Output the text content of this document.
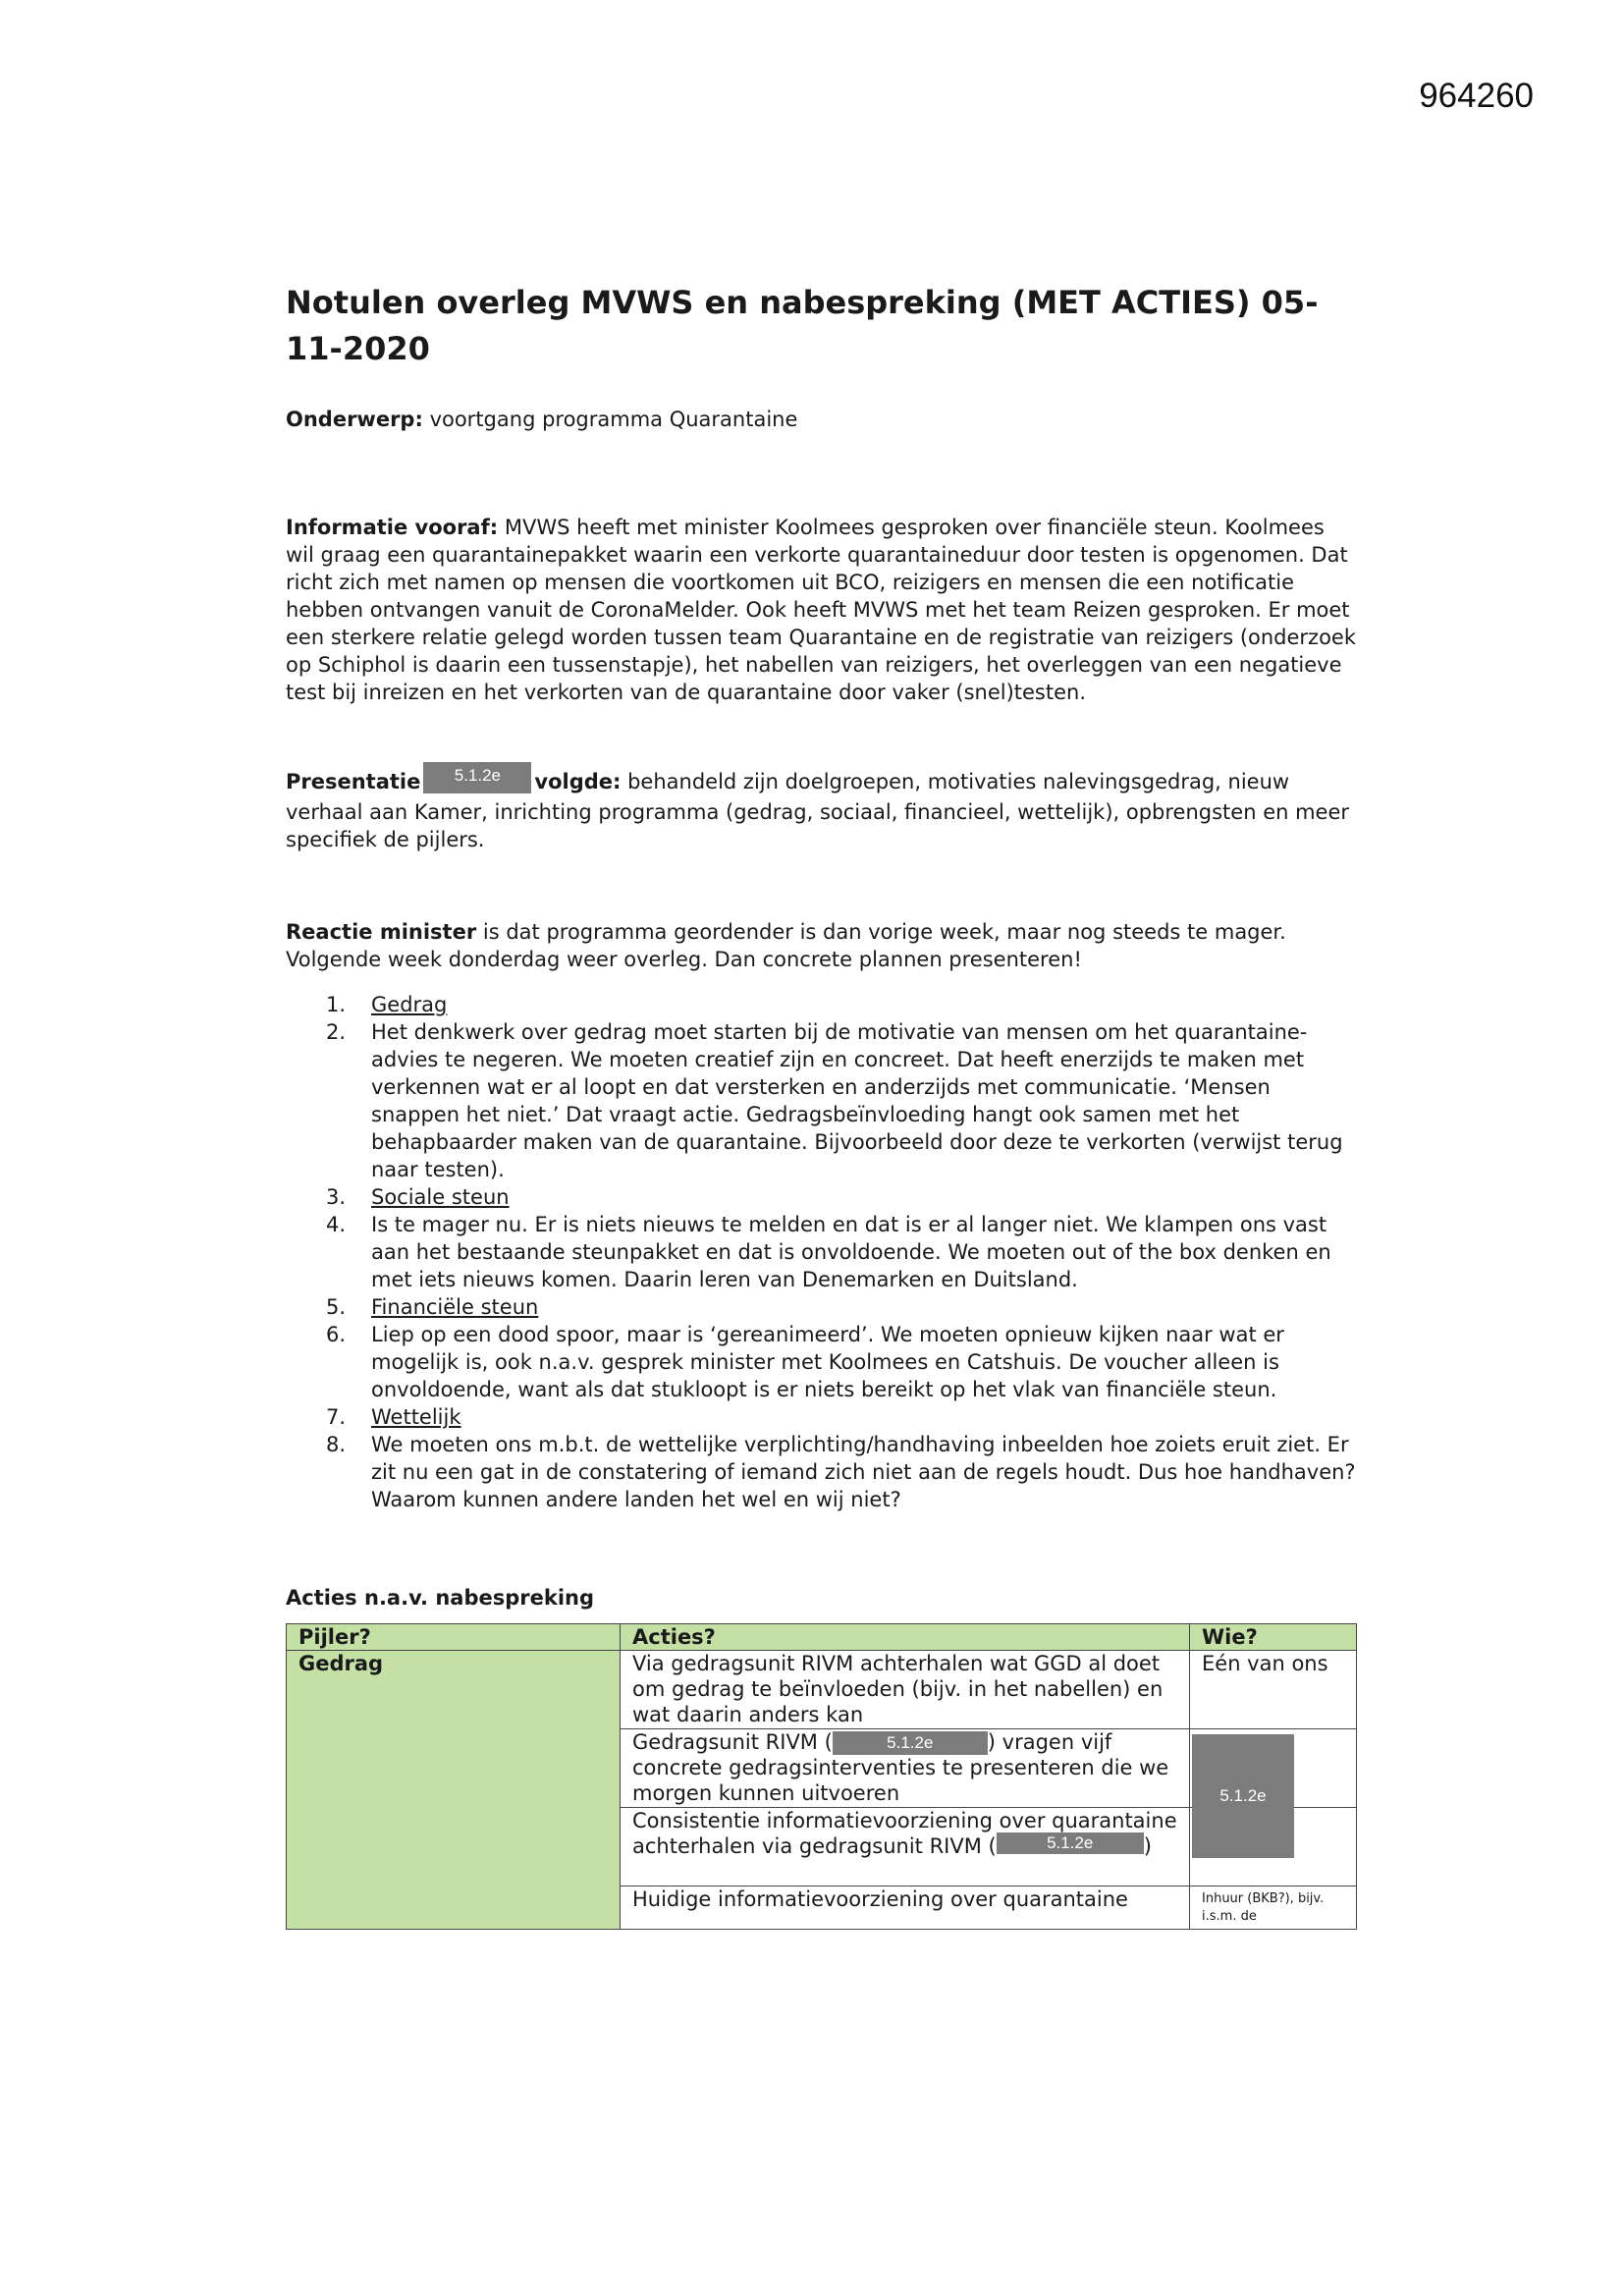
964260
Notulen overleg MVWS en nabespreking (MET ACTIES) 05-11-2020

Onderwerp: voortgang programma Quarantaine

Informatie vooraf: MVWS heeft met minister Koolmees gesproken over financiële steun. Koolmees wil graag een quarantainepakket waarin een verkorte quarantaineduur door testen is opgenomen. Dat richt zich met namen op mensen die voortkomen uit BCO, reizigers en mensen die een notificatie hebben ontvangen vanuit de CoronaMelder. Ook heeft MVWS met het team Reizen gesproken. Er moet een sterkere relatie gelegd worden tussen team Quarantaine en de registratie van reizigers (onderzoek op Schiphol is daarin een tussenstapje), het nabellen van reizigers, het overleggen van een negatieve test bij inreizen en het verkorten van de quarantaine door vaker (snel)testen.

Presentatie 5.1.2e volgde: behandeld zijn doelgroepen, motivaties nalevingsgedrag, nieuw verhaal aan Kamer, inrichting programma (gedrag, sociaal, financieel, wettelijk), opbrengsten en meer specifiek de pijlers.

Reactie minister is dat programma geordender is dan vorige week, maar nog steeds te mager. Volgende week donderdag weer overleg. Dan concrete plannen presenteren!

1. Gedrag
2. Het denkwerk over gedrag moet starten bij de motivatie van mensen om het quarantaine-advies te negeren. We moeten creatief zijn en concreet. Dat heeft enerzijds te maken met verkennen wat er al loopt en dat versterken en anderzijds met communicatie. ‘Mensen snappen het niet.’ Dat vraagt actie. Gedragsbeïnvloeding hangt ook samen met het behapbaarder maken van de quarantaine. Bijvoorbeeld door deze te verkorten (verwijst terug naar testen).
3. Sociale steun
4. Is te mager nu. Er is niets nieuws te melden en dat is er al langer niet. We klampen ons vast aan het bestaande steunpakket en dat is onvoldoende. We moeten out of the box denken en met iets nieuws komen. Daarin leren van Denemarken en Duitsland.
5. Financiële steun
6. Liep op een dood spoor, maar is ‘gereanimeerd’. We moeten opnieuw kijken naar wat er mogelijk is, ook n.a.v. gesprek minister met Koolmees en Catshuis. De voucher alleen is onvoldoende, want als dat stukloopt is er niets bereikt op het vlak van financiële steun.
7. Wettelijk
8. We moeten ons m.b.t. de wettelijke verplichting/handhaving inbeelden hoe zoiets eruit ziet. Er zit nu een gat in de constatering of iemand zich niet aan de regels houdt. Dus hoe handhaven? Waarom kunnen andere landen het wel en wij niet?
Acties n.a.v. nabespreking
Pijler?	Acties?	Wie?
Gedrag	Via gedragsunit RIVM achterhalen wat GGD al doet om gedrag te beïnvloeden (bijv. in het nabellen) en wat daarin anders kan	Eén van ons
	Gedragsunit RIVM ( 5.1.2e ) vragen vijf concrete gedragsinterventies te presenteren die we morgen kunnen uitvoeren	
	Consistentie informatievoorziening over quarantaine achterhalen via gedragsunit RIVM ( 5.1.2e )	
	Huidige informatievoorziening over quarantaine	Inhuur (BKB?), bijv. i.s.m. de
5.1.2e
